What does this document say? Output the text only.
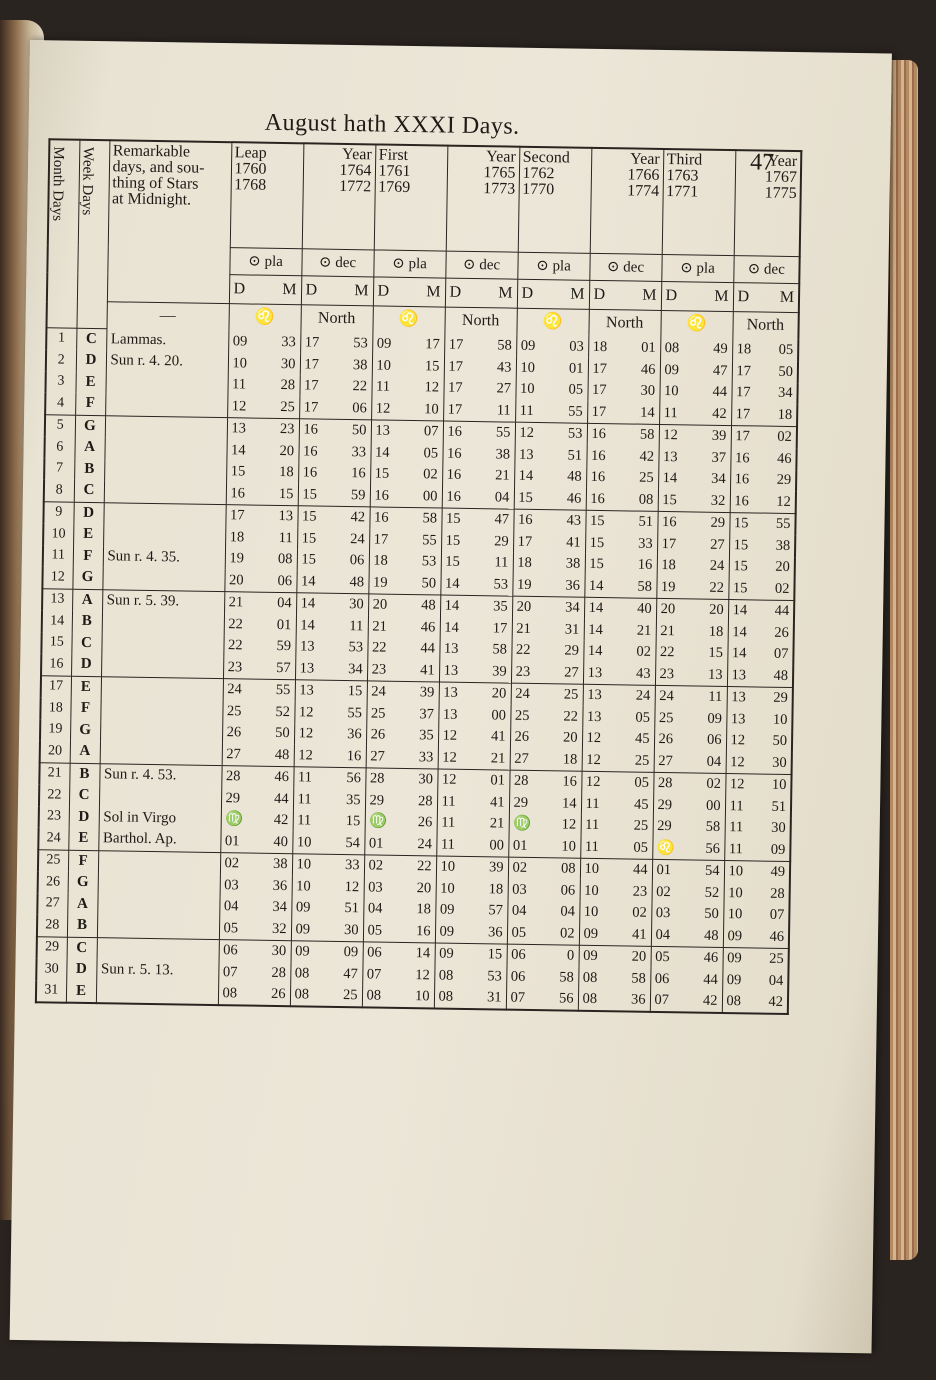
August hath XXXI Days.
47
Month Days	Week Days	Remarkable
days, and sou-
thing of Stars
at Midnight.	Leap
1760
1768	Year
1764
1772	First
1761
1769	Year
1765
1773	Second
1762
1770	Year
1766
1774	Third
1763
1771	Year
1767
1775

			⊙ pla	⊙ dec	⊙ pla	⊙ dec	⊙ pla	⊙ dec	⊙ pla	⊙ dec

			D M	D M	D M	D M	D M	D M	D M	D M

		—	♌	North	♌	North	♌	North	♌	North
1	C	Lammas.	09 33	17 53	09 17	17 58	09 03	18 01	08 49	18 05

2	D	Sun r. 4. 20.	10 30	17 38	10 15	17 43	10 01	17 46	09 47	17 50

3	E		11 28	17 22	11 12	17 27	10 05	17 30	10 44	17 34

4	F		12 25	17 06	12 10	17 11	11 55	17 14	11 42	17 18

5	G		13 23	16 50	13 07	16 55	12 53	16 58	12 39	17 02

6	A		14 20	16 33	14 05	16 38	13 51	16 42	13 37	16 46

7	B		15 18	16 16	15 02	16 21	14 48	16 25	14 34	16 29

8	C		16 15	15 59	16 00	16 04	15 46	16 08	15 32	16 12

9	D		17 13	15 42	16 58	15 47	16 43	15 51	16 29	15 55

10	E		18 11	15 24	17 55	15 29	17 41	15 33	17 27	15 38

11	F	Sun r. 4. 35.	19 08	15 06	18 53	15 11	18 38	15 16	18 24	15 20

12	G		20 06	14 48	19 50	14 53	19 36	14 58	19 22	15 02

13	A	Sun r. 5. 39.	21 04	14 30	20 48	14 35	20 34	14 40	20 20	14 44

14	B		22 01	14 11	21 46	14 17	21 31	14 21	21 18	14 26

15	C		22 59	13 53	22 44	13 58	22 29	14 02	22 15	14 07

16	D		23 57	13 34	23 41	13 39	23 27	13 43	23 13	13 48

17	E		24 55	13 15	24 39	13 20	24 25	13 24	24 11	13 29

18	F		25 52	12 55	25 37	13 00	25 22	13 05	25 09	13 10

19	G		26 50	12 36	26 35	12 41	26 20	12 45	26 06	12 50

20	A		27 48	12 16	27 33	12 21	27 18	12 25	27 04	12 30

21	B	Sun r. 4. 53.	28 46	11 56	28 30	12 01	28 16	12 05	28 02	12 10

22	C		29 44	11 35	29 28	11 41	29 14	11 45	29 00	11 51

23	D	Sol in Virgo	♍ 42	11 15	♍ 26	11 21	♍ 12	11 25	29 58	11 30

24	E	Barthol. Ap.	01 40	10 54	01 24	11 00	01 10	11 05	♌ 56	11 09

25	F		02 38	10 33	02 22	10 39	02 08	10 44	01 54	10 49

26	G		03 36	10 12	03 20	10 18	03 06	10 23	02 52	10 28

27	A		04 34	09 51	04 18	09 57	04 04	10 02	03 50	10 07

28	B		05 32	09 30	05 16	09 36	05 02	09 41	04 48	09 46

29	C		06 30	09 09	06 14	09 15	06 0	09 20	05 46	09 25

30	D	Sun r. 5. 13.	07 28	08 47	07 12	08 53	06 58	08 58	06 44	09 04

31	E		08 26	08 25	08 10	08 31	07 56	08 36	07 42	08 42
